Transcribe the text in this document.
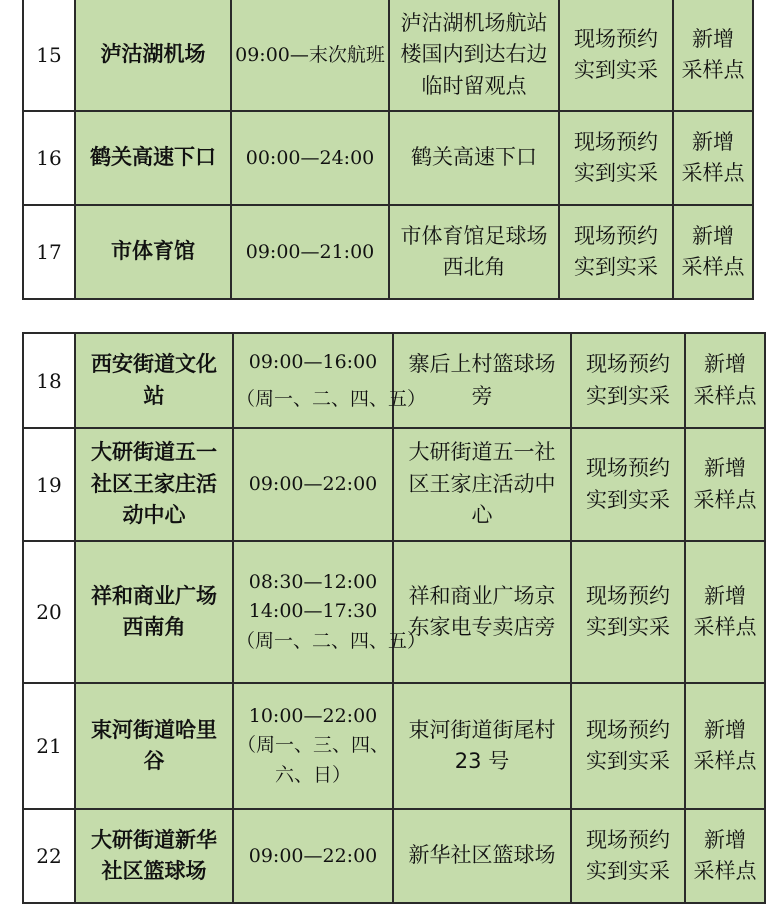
15	泸沽湖机场	09:00—末次航班	泸沽湖机场航站
楼国内到达右边
临时留观点	现场预约
实到实采	新增
采样点

16	鹤关高速下口	00:00—24:00	鹤关高速下口	现场预约
实到实采	新增
采样点

17	市体育馆	09:00—21:00	市体育馆足球场
西北角	现场预约
实到实采	新增
采样点
18	西安街道文化
站	09:00—16:00
（周一、二、四、五）	寨后上村篮球场
旁	现场预约
实到实采	新增
采样点

19	大研街道五一
社区王家庄活
动中心	09:00—22:00	大研街道五一社
区王家庄活动中
心	现场预约
实到实采	新增
采样点

20	祥和商业广场
西南角	08:30—12:00
14:00—17:30
（周一、二、四、五）	祥和商业广场京
东家电专卖店旁	现场预约
实到实采	新增
采样点

21	束河街道哈里
谷	10:00—22:00
（周一、三、四、
六、日）	束河街道街尾村
23 号	现场预约
实到实采	新增
采样点

22	大研街道新华
社区篮球场	09:00—22:00	新华社区篮球场	现场预约
实到实采	新增
采样点
